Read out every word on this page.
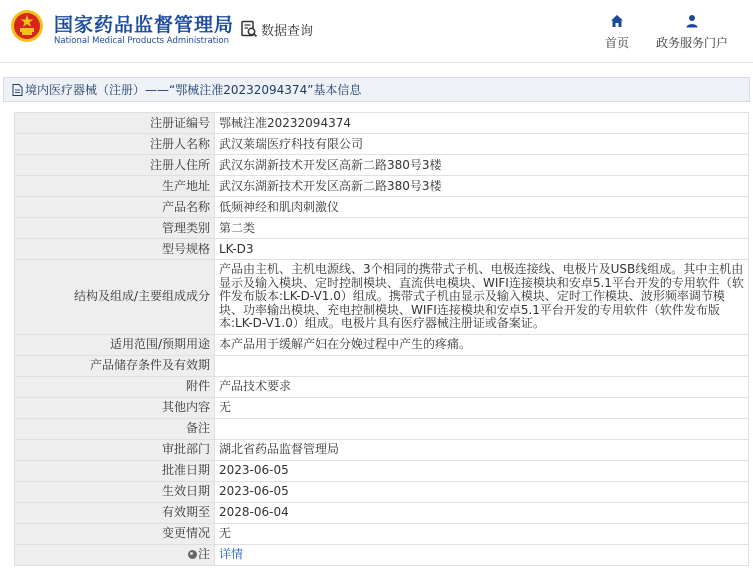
国家药品监督管理局
National Medical Products Administration
数据查询
首页	政务服务门户
境内医疗器械（注册）——“鄂械注准20232094374”基本信息
注册证编号	鄂械注准20232094374
注册人名称	武汉莱瑞医疗科技有限公司
注册人住所	武汉东湖新技术开发区高新二路380号3楼
生产地址	武汉东湖新技术开发区高新二路380号3楼
产品名称	低频神经和肌肉刺激仪
管理类别	第二类
型号规格	LK-D3
结构及组成/主要组成成分	产品由主机、主机电源线、3个相同的携带式子机、电极连接线、电极片及USB线组成。其中主机由显示及输入模块、定时控制模块、直流供电模块、WIFI连接模块和安卓5.1平台开发的专用软件（软件发布版本:LK-D-V1.0）组成。携带式子机由显示及输入模块、定时工作模块、波形频率调节模块、功率输出模块、充电控制模块、WIFI连接模块和安卓5.1平台开发的专用软件（软件发布版本:LK-D-V1.0）组成。电极片具有医疗器械注册证或备案证。
适用范围/预期用途	本产品用于缓解产妇在分娩过程中产生的疼痛。
产品储存条件及有效期	
附件	产品技术要求
其他内容	无
备注	
审批部门	湖北省药品监督管理局
批准日期	2023-06-05
生效日期	2023-06-05
有效期至	2028-06-04
变更情况	无

注	详情
